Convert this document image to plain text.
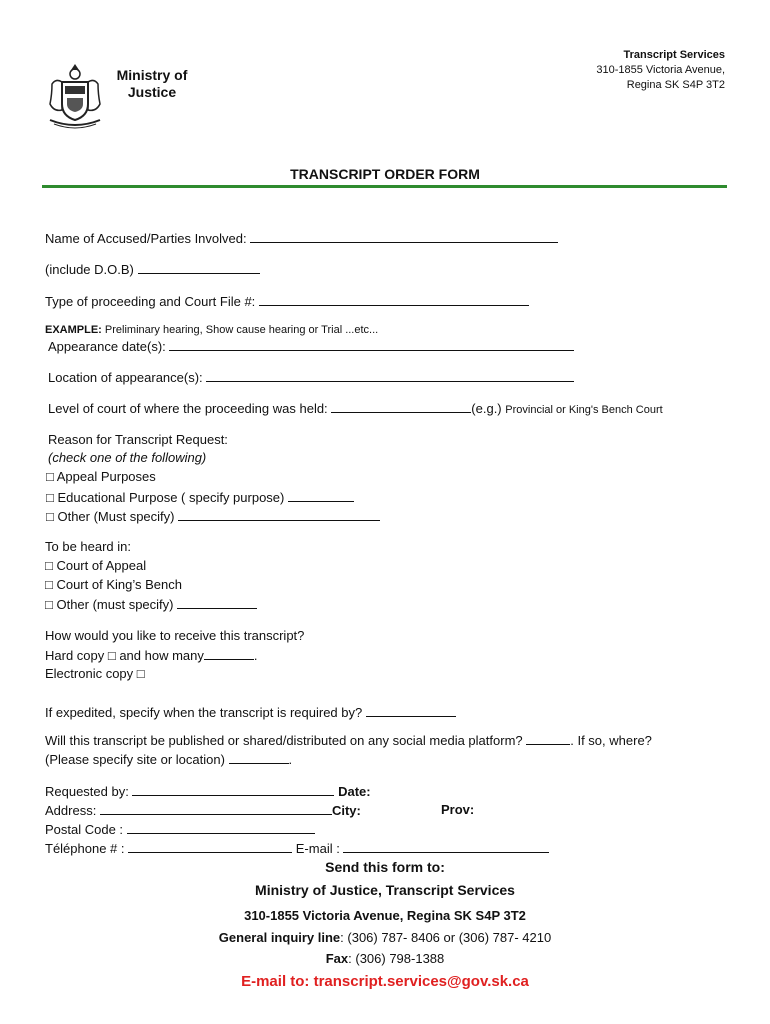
Ministry of
Justice
Transcript Services
310-1855 Victoria Avenue,
Regina SK S4P 3T2
TRANSCRIPT ORDER FORM
Name of Accused/Parties Involved:
(include D.O.B)
Type of proceeding and Court File #:
EXAMPLE: Preliminary hearing, Show cause hearing or Trial ...etc...
Appearance date(s):
Location of appearance(s):
Level of court of where the proceeding was held:	(e.g.) Provincial or King's Bench Court
Reason for Transcript Request:
(check one of the following)
□ Appeal Purposes
□ Educational Purpose ( specify purpose)
□ Other (Must specify)
To be heard in:
□ Court of Appeal
□ Court of King’s Bench
□ Other (must specify)
How would you like to receive this transcript?
Hard copy □ and how many	.
Electronic copy □
If expedited, specify when the transcript is required by?
Will this transcript be published or shared/distributed on any social media platform?	. If so, where?
(Please specify site or location)	.
Requested by:	Date:
Address:	City:	Prov:
Postal Code :
Téléphone # :	E-mail :
Send this form to:
Ministry of Justice, Transcript Services
310-1855 Victoria Avenue, Regina SK S4P 3T2
General inquiry line: (306) 787- 8406 or (306) 787- 4210
Fax: (306) 798-1388
E-mail to: transcript.services@gov.sk.ca
